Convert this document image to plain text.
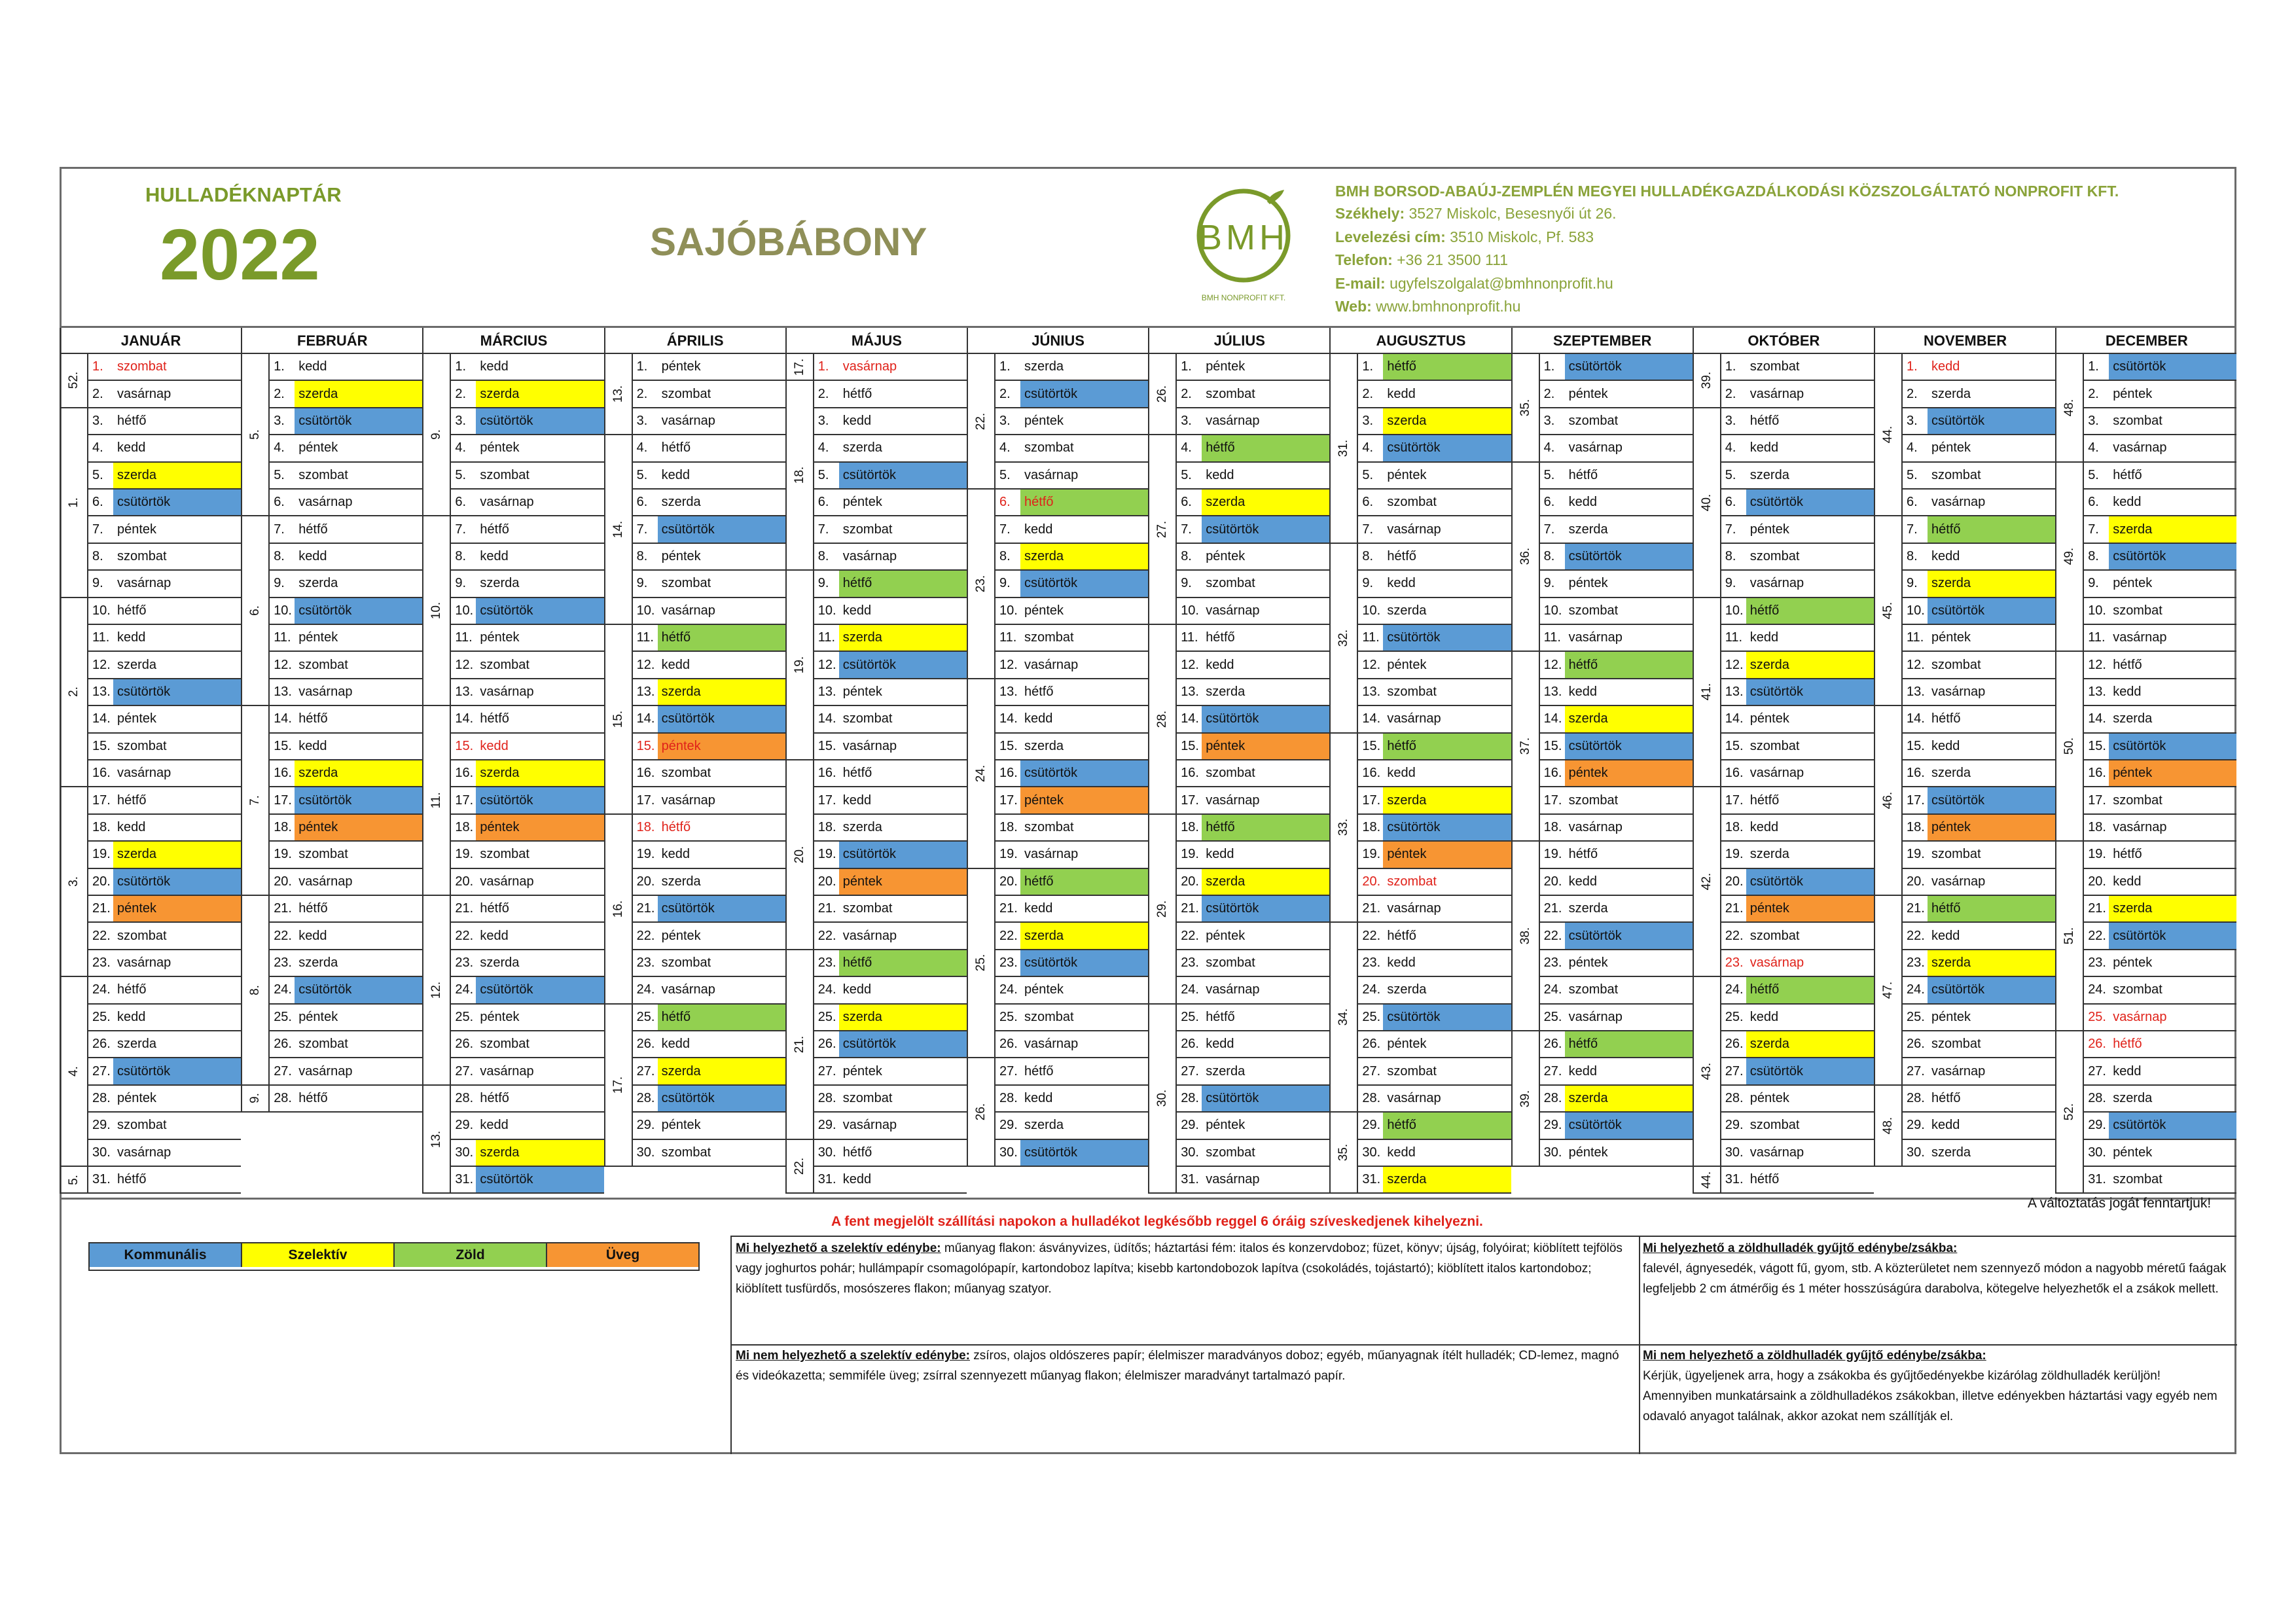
HULLADÉKNAPTÁR
2022	SAJÓBÁBONY	BMH
BMH NONPROFIT KFT.
BMH BORSOD-ABAÚJ-ZEMPLÉN MEGYEI HULLADÉKGAZDÁLKODÁSI KÖZSZOLGÁLTATÓ NONPROFIT KFT.
Székhely: 3527 Miskolc, Besesnyői út 26.
Levelezési cím: 3510 Miskolc, Pf. 583
Telefon: +36 21 3500 111
E-mail: ugyfelszolgalat@bmhnonprofit.hu
Web: www.bmhnonprofit.hu
JANUÁR
52.
1.
2.
3.
4.
5.
1.	szombat
2.	vasárnap
3.	hétfő
4.	kedd
5.	szerda
6.	csütörtök
7.	péntek
8.	szombat
9.	vasárnap
10. hétfő
11. kedd
12. szerda
13. csütörtök
14. péntek
15. szombat
16. vasárnap
17. hétfő
18. kedd
19. szerda
20. csütörtök
21. péntek
22. szombat
23. vasárnap
24. hétfő
25. kedd
26. szerda
27. csütörtök
28. péntek
29. szombat
30. vasárnap
31. hétfő
FEBRUÁR
5.
6.
7.
8.
9.
1.	kedd
2.	szerda
3.	csütörtök
4.	péntek
5.	szombat
6.	vasárnap
7.	hétfő
8.	kedd
9.	szerda
10. csütörtök
11. péntek
12. szombat
13. vasárnap
14. hétfő
15. kedd
16. szerda
17. csütörtök
18. péntek
19. szombat
20. vasárnap
21. hétfő
22. kedd
23. szerda
24. csütörtök
25. péntek
26. szombat
27. vasárnap
28. hétfő
MÁRCIUS
9.
10.
11.
12.
13.
1.	kedd
2.	szerda
3.	csütörtök
4.	péntek
5.	szombat
6.	vasárnap
7.	hétfő
8.	kedd
9.	szerda
10. csütörtök
11. péntek
12. szombat
13. vasárnap
14. hétfő
15. kedd
16. szerda
17. csütörtök
18. péntek
19. szombat
20. vasárnap
21. hétfő
22. kedd
23. szerda
24. csütörtök
25. péntek
26. szombat
27. vasárnap
28. hétfő
29. kedd
30. szerda
31. csütörtök
ÁPRILIS
13.
14.
15.
16.
17.
1.	péntek
2.	szombat
3.	vasárnap
4.	hétfő
5.	kedd
6.	szerda
7.	csütörtök
8.	péntek
9.	szombat
10. vasárnap
11. hétfő
12. kedd
13. szerda
14. csütörtök
15. péntek
16. szombat
17. vasárnap
18. hétfő
19. kedd
20. szerda
21. csütörtök
22. péntek
23. szombat
24. vasárnap
25. hétfő
26. kedd
27. szerda
28. csütörtök
29. péntek
30. szombat
MÁJUS
17.
18.
19.
20.
21.
22.
1.	vasárnap
2.	hétfő
3.	kedd
4.	szerda
5.	csütörtök
6.	péntek
7.	szombat
8.	vasárnap
9.	hétfő
10. kedd
11. szerda
12. csütörtök
13. péntek
14. szombat
15. vasárnap
16. hétfő
17. kedd
18. szerda
19. csütörtök
20. péntek
21. szombat
22. vasárnap
23. hétfő
24. kedd
25. szerda
26. csütörtök
27. péntek
28. szombat
29. vasárnap
30. hétfő
31. kedd
JÚNIUS
22.
23.
24.
25.
26.
1.	szerda
2.	csütörtök
3.	péntek
4.	szombat
5.	vasárnap
6.	hétfő
7.	kedd
8.	szerda
9.	csütörtök
10. péntek
11. szombat
12. vasárnap
13. hétfő
14. kedd
15. szerda
16. csütörtök
17. péntek
18. szombat
19. vasárnap
20. hétfő
21. kedd
22. szerda
23. csütörtök
24. péntek
25. szombat
26. vasárnap
27. hétfő
28. kedd
29. szerda
30. csütörtök
JÚLIUS
26.
27.
28.
29.
30.
1.	péntek
2.	szombat
3.	vasárnap
4.	hétfő
5.	kedd
6.	szerda
7.	csütörtök
8.	péntek
9.	szombat
10. vasárnap
11. hétfő
12. kedd
13. szerda
14. csütörtök
15. péntek
16. szombat
17. vasárnap
18. hétfő
19. kedd
20. szerda
21. csütörtök
22. péntek
23. szombat
24. vasárnap
25. hétfő
26. kedd
27. szerda
28. csütörtök
29. péntek
30. szombat
31. vasárnap
AUGUSZTUS
31.
32.
33.
34.
35.
1.	hétfő
2.	kedd
3.	szerda
4.	csütörtök
5.	péntek
6.	szombat
7.	vasárnap
8.	hétfő
9.	kedd
10. szerda
11. csütörtök
12. péntek
13. szombat
14. vasárnap
15. hétfő
16. kedd
17. szerda
18. csütörtök
19. péntek
20. szombat
21. vasárnap
22. hétfő
23. kedd
24. szerda
25. csütörtök
26. péntek
27. szombat
28. vasárnap
29. hétfő
30. kedd
31. szerda
SZEPTEMBER
35.
36.
37.
38.
39.
1.	csütörtök
2.	péntek
3.	szombat
4.	vasárnap
5.	hétfő
6.	kedd
7.	szerda
8.	csütörtök
9.	péntek
10. szombat
11. vasárnap
12. hétfő
13. kedd
14. szerda
15. csütörtök
16. péntek
17. szombat
18. vasárnap
19. hétfő
20. kedd
21. szerda
22. csütörtök
23. péntek
24. szombat
25. vasárnap
26. hétfő
27. kedd
28. szerda
29. csütörtök
30. péntek
OKTÓBER
39.
40.
41.
42.
43.
44.
1.	szombat
2.	vasárnap
3.	hétfő
4.	kedd
5.	szerda
6.	csütörtök
7.	péntek
8.	szombat
9.	vasárnap
10. hétfő
11. kedd
12. szerda
13. csütörtök
14. péntek
15. szombat
16. vasárnap
17. hétfő
18. kedd
19. szerda
20. csütörtök
21. péntek
22. szombat
23. vasárnap
24. hétfő
25. kedd
26. szerda
27. csütörtök
28. péntek
29. szombat
30. vasárnap
31. hétfő
NOVEMBER
44.
45.
46.
47.
48.
1.	kedd
2.	szerda
3.	csütörtök
4.	péntek
5.	szombat
6.	vasárnap
7.	hétfő
8.	kedd
9.	szerda
10. csütörtök
11. péntek
12. szombat
13. vasárnap
14. hétfő
15. kedd
16. szerda
17. csütörtök
18. péntek
19. szombat
20. vasárnap
21. hétfő
22. kedd
23. szerda
24. csütörtök
25. péntek
26. szombat
27. vasárnap
28. hétfő
29. kedd
30. szerda
DECEMBER
48.
49.
50.
51.
52.
1.	csütörtök
2.	péntek
3.	szombat
4.	vasárnap
5.	hétfő
6.	kedd
7.	szerda
8.	csütörtök
9.	péntek
10. szombat
11. vasárnap
12. hétfő
13. kedd
14. szerda
15. csütörtök
16. péntek
17. szombat
18. vasárnap
19. hétfő
20. kedd
21. szerda
22. csütörtök
23. péntek
24. szombat
25. vasárnap
26. hétfő
27. kedd
28. szerda
29. csütörtök
30. péntek
31. szombat
A fent megjelölt szállítási napokon a hulladékot legkésőbb reggel 6 óráig szíveskedjenek kihelyezni.
A változtatás jogát fenntartjuk!
Kommunális	Szelektív	Zöld	Üveg	Mi helyezhető a szelektív edénybe: műanyag flakon: ásványvizes, üdítős; háztartási fém: italos és konzervdoboz; füzet, könyv; újság, folyóirat; kiöblített tejfölös vagy joghurtos pohár; hullámpapír csomagolópapír, kartondoboz lapítva; kisebb kartondobozok lapítva (csokoládés, tojástartó); kiöblített italos kartondoboz; kiöblített tusfürdős, mosószeres flakon; műanyag szatyor.
Mi helyezhető a zöldhulladék gyűjtő edénybe/zsákba:
falevél, ágnyesedék, vágott fű, gyom, stb. A közterületet nem szennyező módon a nagyobb méretű faágak legfeljebb 2 cm átmérőig és 1 méter hosszúságúra darabolva, kötegelve helyezhetők el a zsákok mellett.
Mi nem helyezhető a szelektív edénybe: zsíros, olajos oldószeres papír; élelmiszer maradványos doboz; egyéb, műanyagnak ítélt hulladék; CD-lemez, magnó és videókazetta; semmiféle üveg; zsírral szennyezett műanyag flakon; élelmiszer maradványt tartalmazó papír.
Mi nem helyezhető a zöldhulladék gyűjtő edénybe/zsákba:
Kérjük, ügyeljenek arra, hogy a zsákokba és gyűjtőedényekbe kizárólag zöldhulladék kerüljön! Amennyiben munkatársaink a zöldhulladékos zsákokban, illetve edényekben háztartási vagy egyéb nem odavaló anyagot találnak, akkor azokat nem szállítják el.
